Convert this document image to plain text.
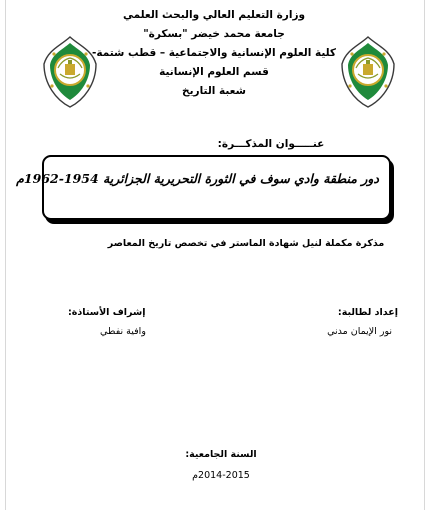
وزارة التعليم العالي والبحث العلمي
جامعة محمد خيضر "بسكرة"
كلية العلوم الإنسانية والاجتماعية – قطب شتمة-
قسم العلوم الإنسانية
شعبة التاريخ
عنـــــوان المذكـــرة:
دور منطقة وادي سوف في الثورة التحريرية الجزائرية 1954-1962م
مذكرة مكملة لنيل شهادة الماستر في تخصص تاريخ المعاصر
إعداد لطالبة:
نور الإيمان مدني
إشراف الأستاذة:
وافية نفطي
السنة الجامعية:
2014-2015م
